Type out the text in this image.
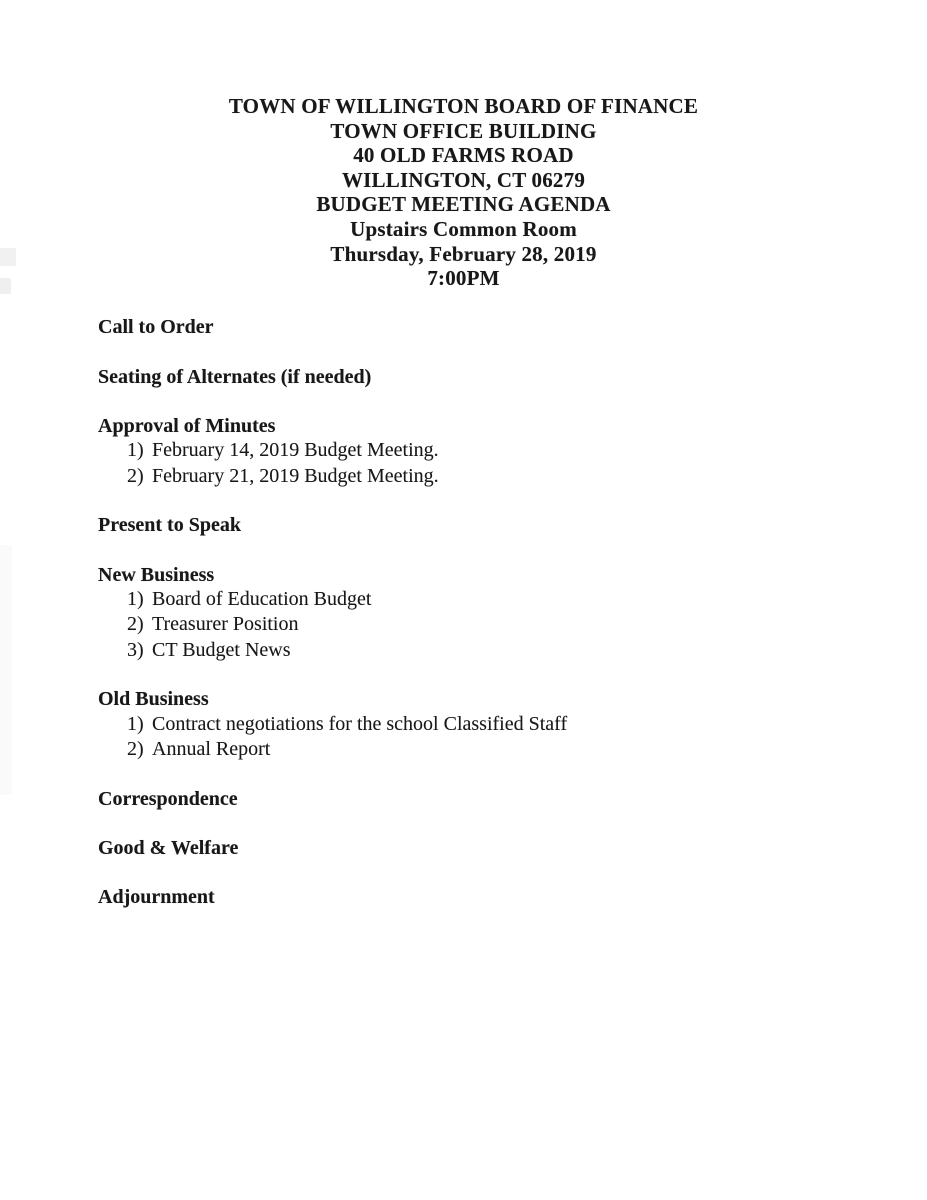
TOWN OF WILLINGTON BOARD OF FINANCE
TOWN OFFICE BUILDING
40 OLD FARMS ROAD
WILLINGTON, CT 06279
BUDGET MEETING AGENDA
Upstairs Common Room
Thursday, February 28, 2019
7:00PM
Call to Order
Seating of Alternates (if needed)
Approval of Minutes
1) February 14, 2019 Budget Meeting.
2) February 21, 2019 Budget Meeting.
Present to Speak
New Business
1) Board of Education Budget
2) Treasurer Position
3) CT Budget News
Old Business
1) Contract negotiations for the school Classified Staff
2) Annual Report
Correspondence
Good & Welfare
Adjournment
